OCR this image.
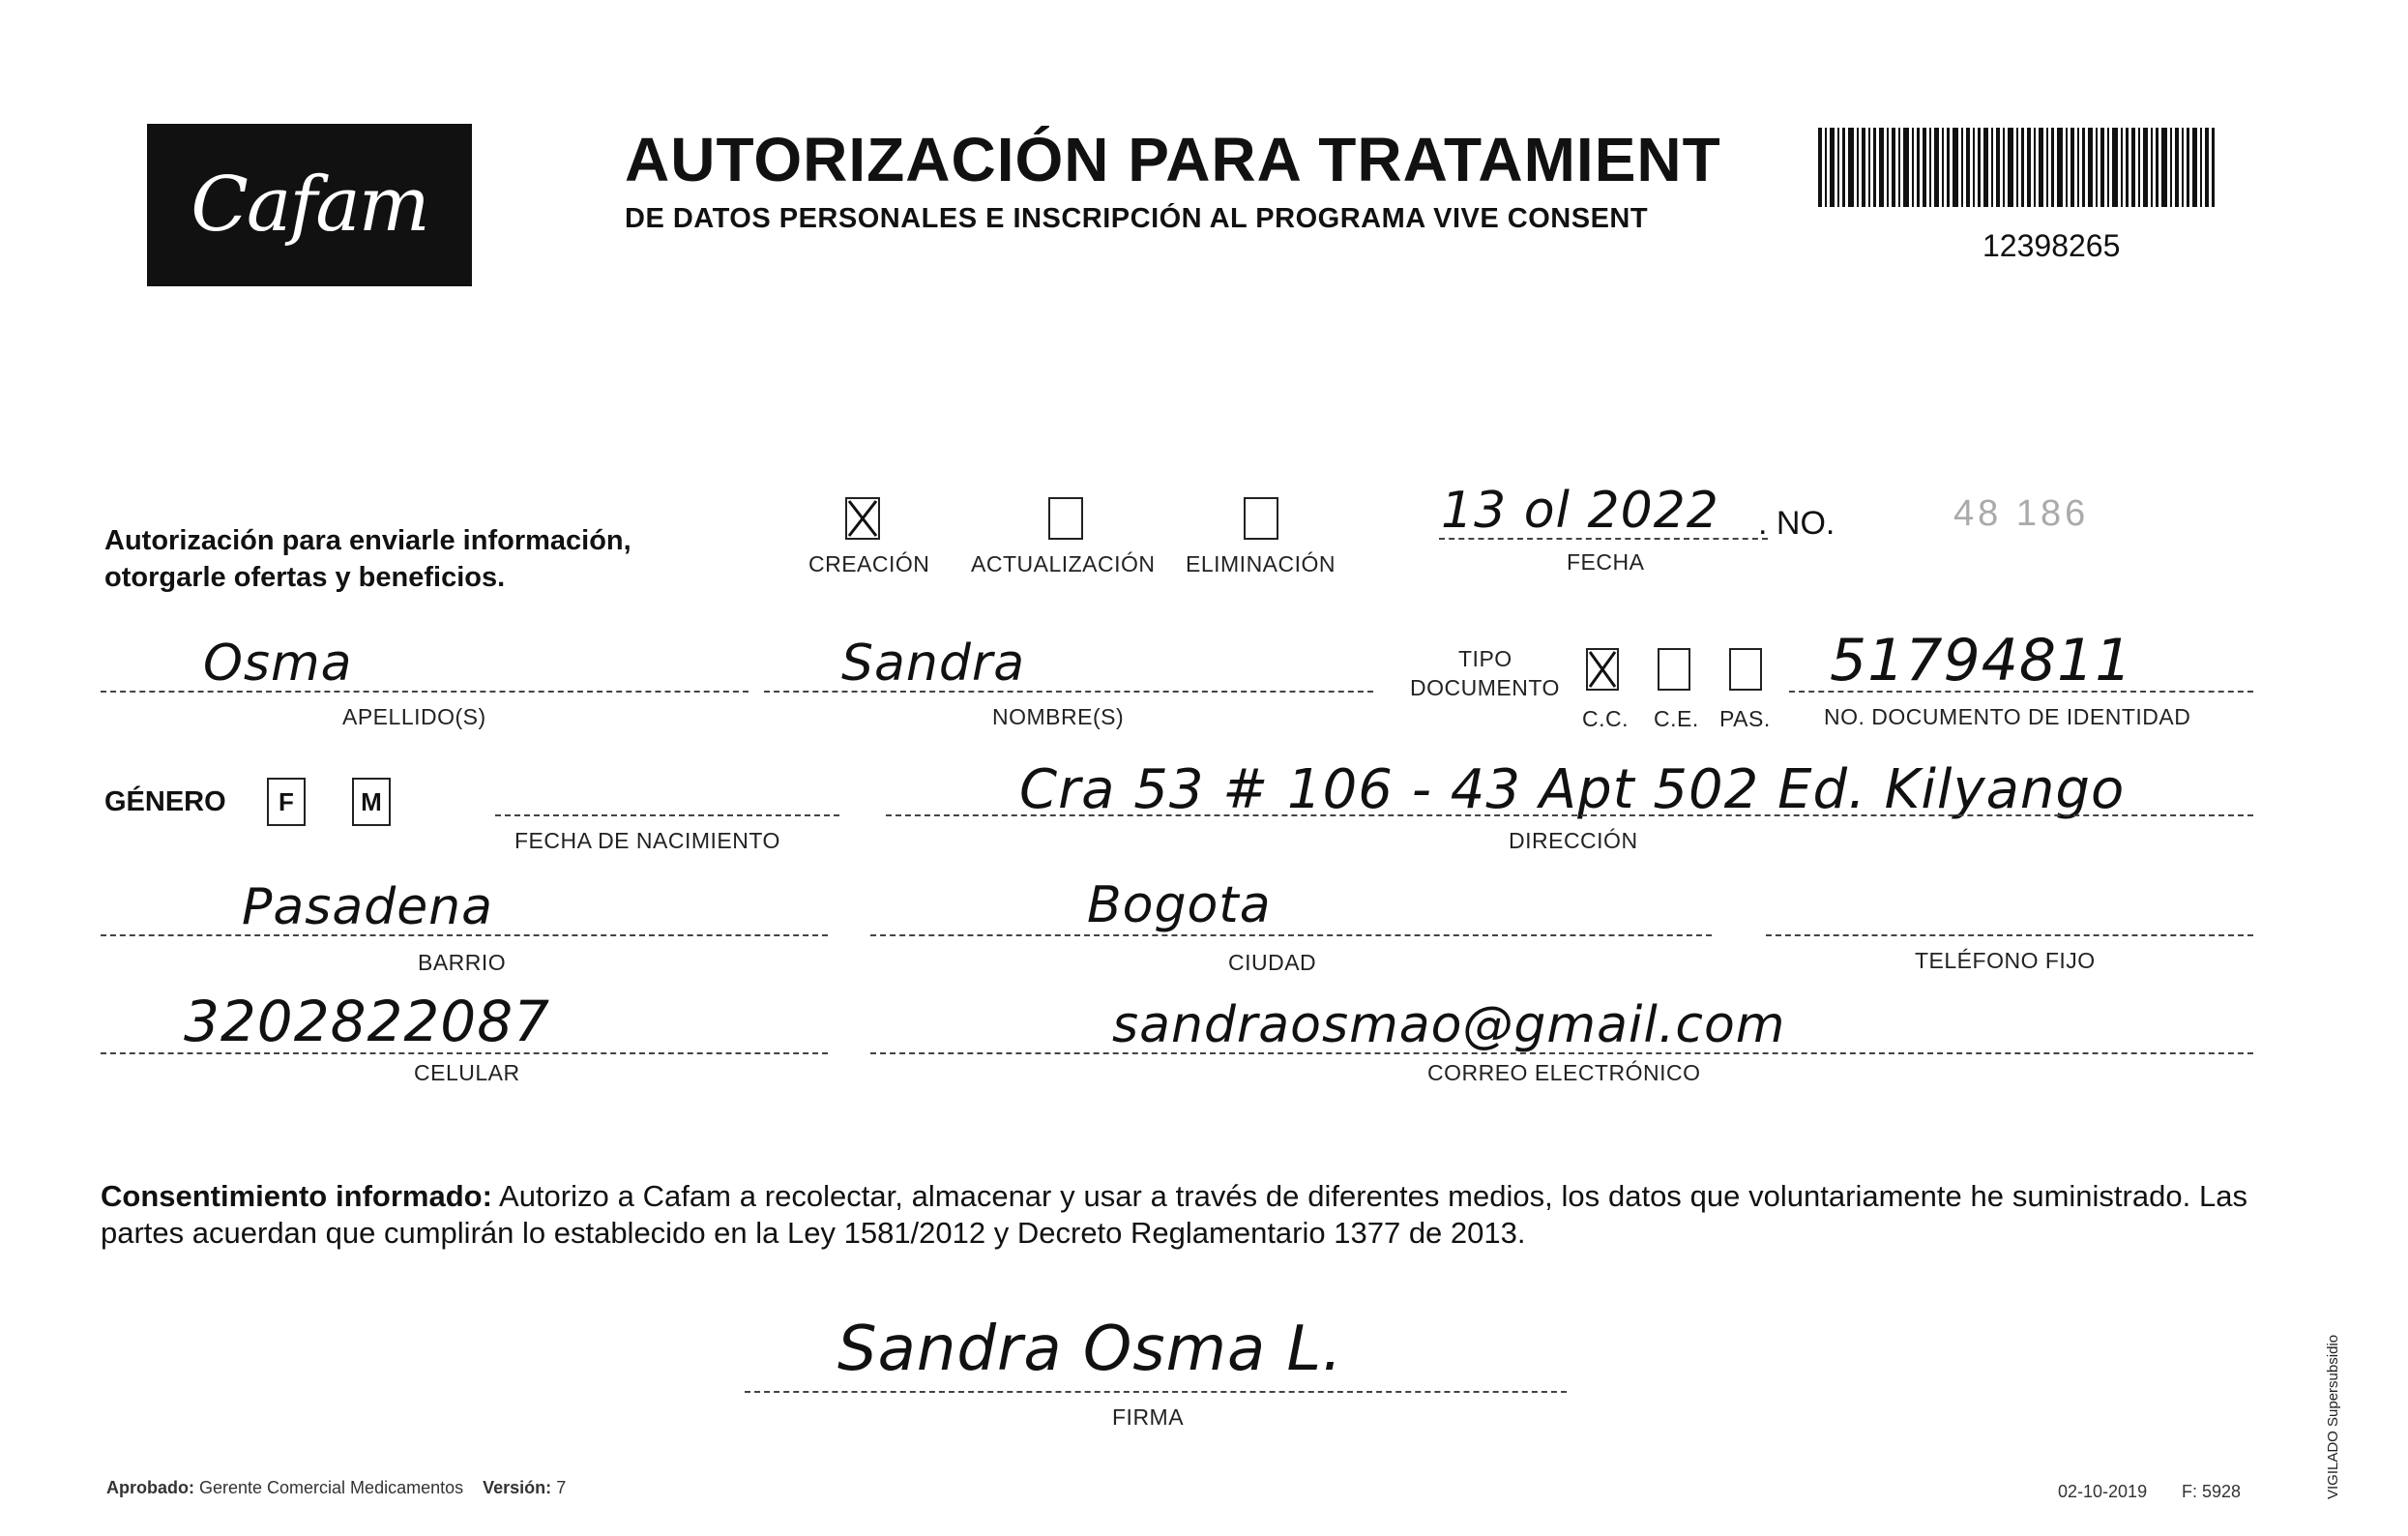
Cafam
AUTORIZACIÓN PARA TRATAMIENT
DE DATOS PERSONALES E INSCRIPCIÓN AL PROGRAMA VIVE CONSENT
12398265
Autorización para enviarle información,
otorgarle ofertas y beneficios.	CREACIÓN ACTUALIZACIÓN ELIMINACIÓN
13 ol 2022
FECHA
. NO.	48 186
Osma
APELLIDO(S)
Sandra
NOMBRE(S)
TIPO
DOCUMENTO
C.C. C.E. PAS.
51794811
NO. DOCUMENTO DE IDENTIDAD
GÉNERO	F	M
FECHA DE NACIMIENTO
Cra 53 # 106 - 43 Apt 502 Ed. Kilyango
DIRECCIÓN
Pasadena
BARRIO
Bogota
CIUDAD	TELÉFONO FIJO
3202822087
CELULAR
sandraosmao@gmail.com
CORREO ELECTRÓNICO
Consentimiento informado: Autorizo a Cafam a recolectar, almacenar y usar a través de diferentes medios, los datos que voluntariamente he suministrado. Las partes acuerdan que cumplirán lo establecido en la Ley 1581/2012 y Decreto Reglamentario 1377 de 2013.
Sandra Osma L.
FIRMA
Aprobado: Gerente Comercial Medicamentos Versión: 7	02-10-2019 F: 5928	VIGILADO Supersubsidio
